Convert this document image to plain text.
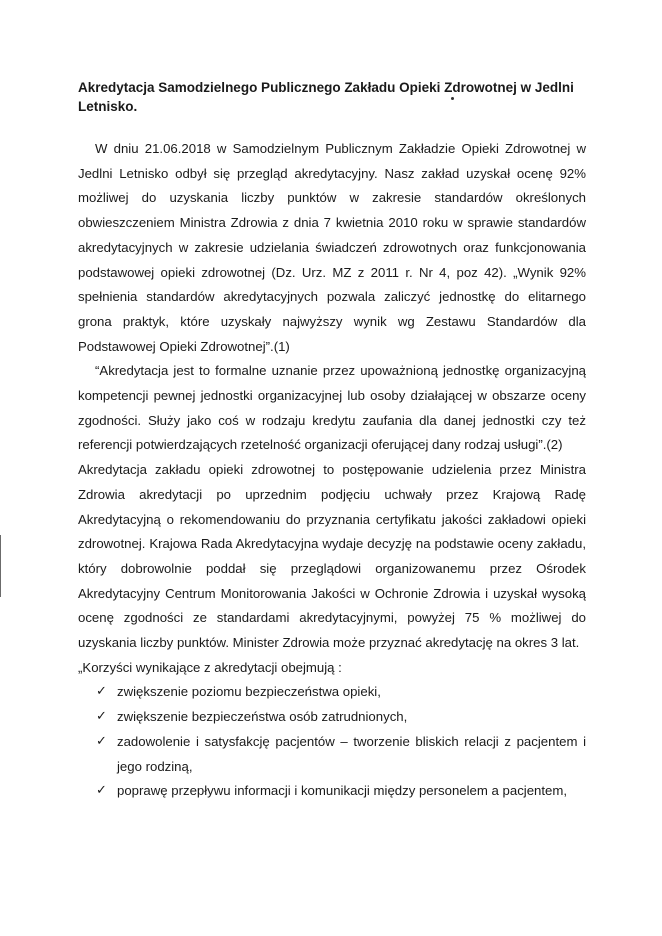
Akredytacja Samodzielnego Publicznego Zakładu Opieki Zdrowotnej w Jedlni Letnisko.

W dniu 21.06.2018 w Samodzielnym Publicznym Zakładzie Opieki Zdrowotnej w Jedlni Letnisko odbył się przegląd akredytacyjny. Nasz zakład uzyskał ocenę 92% możliwej do uzyskania liczby punktów w zakresie standardów określonych obwieszczeniem Ministra Zdrowia z dnia 7 kwietnia 2010 roku w sprawie standardów akredytacyjnych w zakresie udzielania świadczeń zdrowotnych oraz funkcjonowania podstawowej opieki zdrowotnej (Dz. Urz. MZ z 2011 r. Nr 4, poz 42). „Wynik 92% spełnienia standardów akredytacyjnych pozwala zaliczyć jednostkę do elitarnego grona praktyk, które uzyskały najwyższy wynik wg Zestawu Standardów dla Podstawowej Opieki Zdrowotnej”.(1)

“Akredytacja jest to formalne uznanie przez upoważnioną jednostkę organizacyjną kompetencji pewnej jednostki organizacyjnej lub osoby działającej w obszarze oceny zgodności. Służy jako coś w rodzaju kredytu zaufania dla danej jednostki czy też referencji potwierdzających rzetelność organizacji oferującej dany rodzaj usługi”.(2)

Akredytacja zakładu opieki zdrowotnej to postępowanie udzielenia przez Ministra Zdrowia akredytacji po uprzednim podjęciu uchwały przez Krajową Radę Akredytacyjną o rekomendowaniu do przyznania certyfikatu jakości zakładowi opieki zdrowotnej. Krajowa Rada Akredytacyjna wydaje decyzję na podstawie oceny zakładu, który dobrowolnie poddał się przeglądowi organizowanemu przez Ośrodek Akredytacyjny Centrum Monitorowania Jakości w Ochronie Zdrowia i uzyskał wysoką ocenę zgodności ze standardami akredytacyjnymi, powyżej 75 % możliwej do uzyskania liczby punktów. Minister Zdrowia może przyznać akredytację na okres 3 lat.

„Korzyści wynikające z akredytacji obejmują :

✓ zwiększenie poziomu bezpieczeństwa opieki,
✓ zwiększenie bezpieczeństwa osób zatrudnionych,
✓ zadowolenie i satysfakcję pacjentów – tworzenie bliskich relacji z pacjentem i jego rodziną,
✓ poprawę przepływu informacji i komunikacji między personelem a pacjentem,
